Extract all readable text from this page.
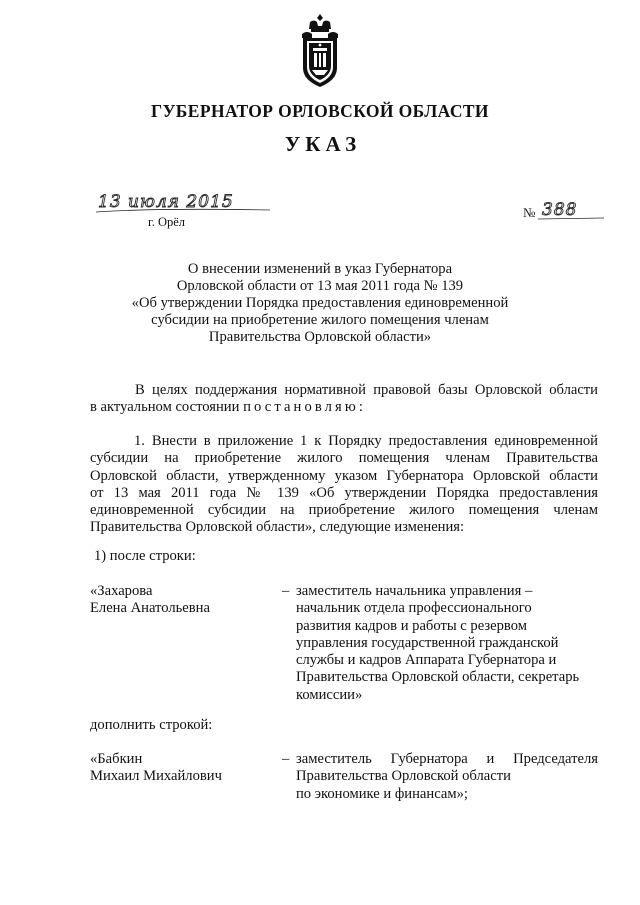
ГУБЕРНАТОР ОРЛОВСКОЙ ОБЛАСТИ
УКАЗ
13 июля 2015
г. Орёл
№ 388
О внесении изменений в указ Губернатора
Орловской области от 13 мая 2011 года № 139
«Об утверждении Порядка предоставления единовременной
субсидии на приобретение жилого помещения членам
Правительства Орловской области»
В целях поддержания нормативной правовой базы Орловской области
в актуальном состоянии постановляю:
1. Внести в приложение 1 к Порядку предоставления единовременной
субсидии на приобретение жилого помещения членам Правительства
Орловской области, утвержденному указом Губернатора Орловской области
от 13 мая 2011 года № 139 «Об утверждении Порядка предоставления
единовременной субсидии на приобретение жилого помещения членам
Правительства Орловской области», следующие изменения:
1) после строки:
«Захарова
Елена Анатольевна
– заместитель начальника управления –
начальник отдела профессионального
развития кадров и работы с резервом
управления государственной гражданской
службы и кадров Аппарата Губернатора и
Правительства Орловской области, секретарь
комиссии»
дополнить строкой:
«Бабкин
Михаил Михайлович
– заместитель Губернатора и Председателя
Правительства Орловской области
по экономике и финансам»;
